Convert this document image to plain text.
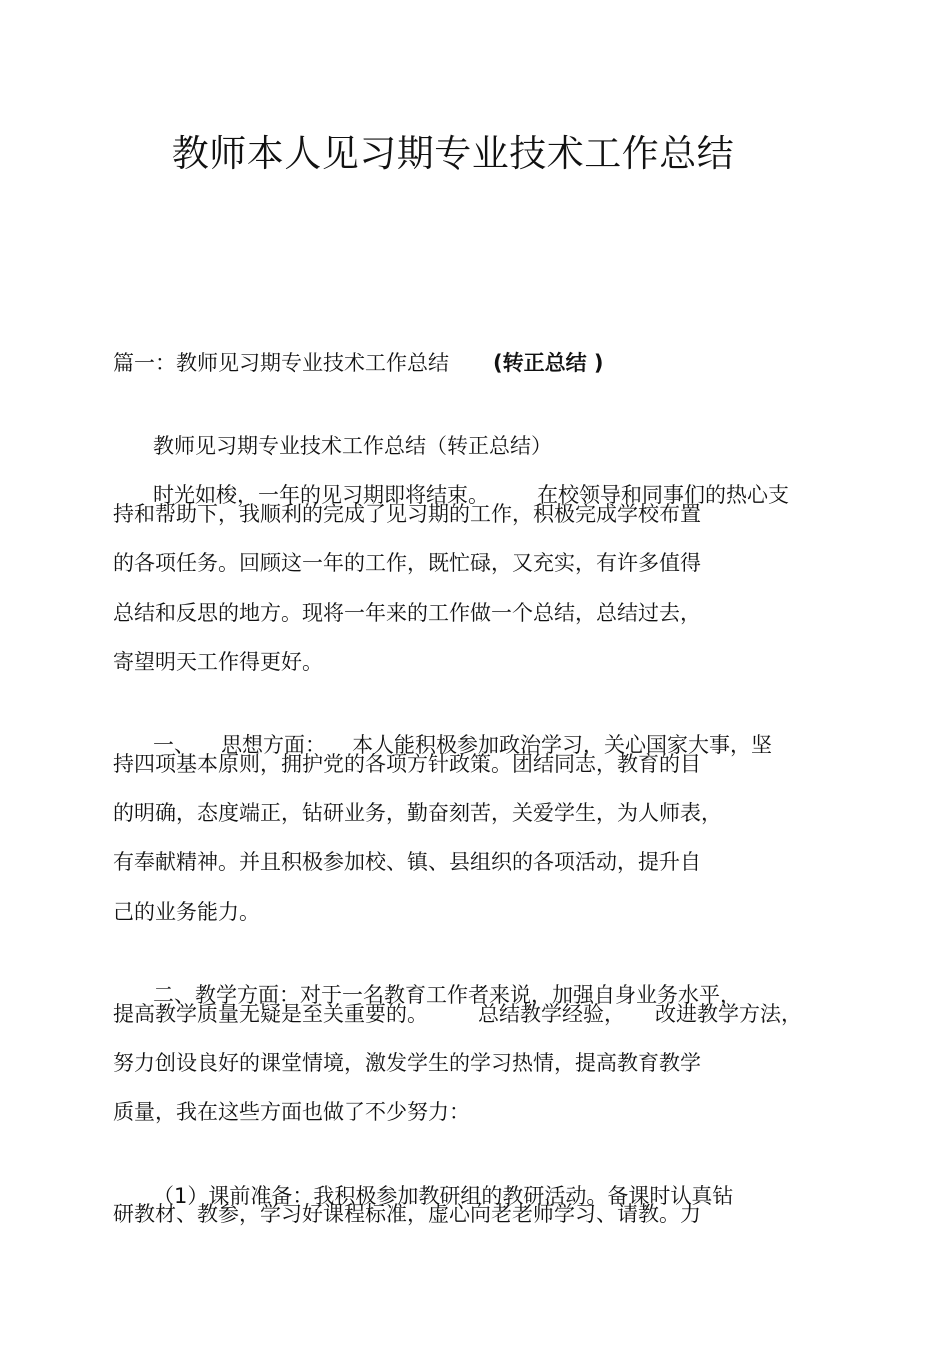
教师本人见习期专业技术工作总结
篇一：教师见习期专业技术工作总结 (转正总结 )

教师见习期专业技术工作总结（转正总结）

时光如梭，一年的见习期即将结束。 在校领导和同事们的热心支

持和帮助下，我顺利的完成了见习期的工作，积极完成学校布置
的各项任务。回顾这一年的工作，既忙碌，又充实，有许多值得
总结和反思的地方。现将一年来的工作做一个总结，总结过去，
寄望明天工作得更好。

一、 思想方面： 本人能积极参加政治学习，关心国家大事，坚

持四项基本原则，拥护党的各项方针政策。团结同志，教育的目
的明确，态度端正，钻研业务，勤奋刻苦，关爱学生，为人师表，
有奉献精神。并且积极参加校、镇、县组织的各项活动，提升自
己的业务能力。

二、教学方面：对于一名教育工作者来说，加强自身业务水平，

提高教学质量无疑是至关重要的。 总结教学经验， 改进教学方法，
努力创设良好的课堂情境，激发学生的学习热情，提高教育教学
质量，我在这些方面也做了不少努力：

（1）课前准备：我积极参加教研组的教研活动。备课时认真钻

研教材、教参，学习好课程标准，虚心向老老师学习、请教。力
